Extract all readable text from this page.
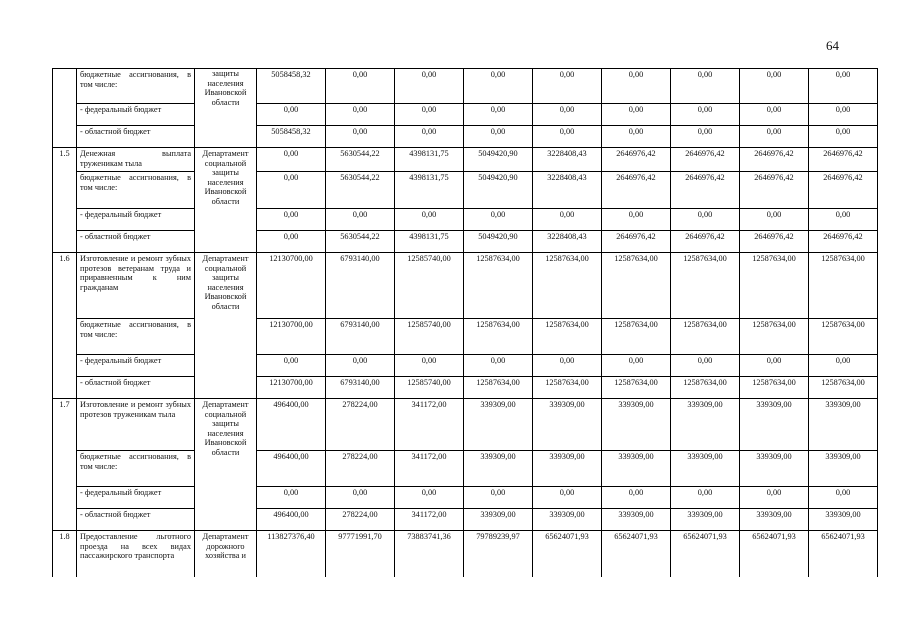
64
	бюджетные ассигнования, в том числе:	защиты населения Ивановской области	5058458,32	0,00	0,00	0,00	0,00	0,00	0,00	0,00	0,00
	- федеральный бюджет		0,00	0,00	0,00	0,00	0,00	0,00	0,00	0,00	0,00
	- областной бюджет		5058458,32	0,00	0,00	0,00	0,00	0,00	0,00	0,00	0,00
1.5	Денежная выплата труженикам тыла	Департамент социальной защиты населения Ивановской области	0,00	5630544,22	4398131,75	5049420,90	3228408,43	2646976,42	2646976,42	2646976,42	2646976,42
	бюджетные ассигнования, в том числе:		0,00	5630544,22	4398131,75	5049420,90	3228408,43	2646976,42	2646976,42	2646976,42	2646976,42
	- федеральный бюджет		0,00	0,00	0,00	0,00	0,00	0,00	0,00	0,00	0,00
	- областной бюджет		0,00	5630544,22	4398131,75	5049420,90	3228408,43	2646976,42	2646976,42	2646976,42	2646976,42
1.6	Изготовление и ремонт зубных протезов ветеранам труда и приравненным к ним гражданам	Департамент социальной защиты населения Ивановской области	12130700,00	6793140,00	12585740,00	12587634,00	12587634,00	12587634,00	12587634,00	12587634,00	12587634,00
	бюджетные ассигнования, в том числе:		12130700,00	6793140,00	12585740,00	12587634,00	12587634,00	12587634,00	12587634,00	12587634,00	12587634,00
	- федеральный бюджет		0,00	0,00	0,00	0,00	0,00	0,00	0,00	0,00	0,00
	- областной бюджет		12130700,00	6793140,00	12585740,00	12587634,00	12587634,00	12587634,00	12587634,00	12587634,00	12587634,00
1.7	Изготовление и ремонт зубных протезов труженикам тыла	Департамент социальной защиты населения Ивановской области	496400,00	278224,00	341172,00	339309,00	339309,00	339309,00	339309,00	339309,00	339309,00
	бюджетные ассигнования, в том числе:		496400,00	278224,00	341172,00	339309,00	339309,00	339309,00	339309,00	339309,00	339309,00
	- федеральный бюджет		0,00	0,00	0,00	0,00	0,00	0,00	0,00	0,00	0,00
	- областной бюджет		496400,00	278224,00	341172,00	339309,00	339309,00	339309,00	339309,00	339309,00	339309,00
1.8	Предоставление льготного проезда на всех видах пассажирского транспорта	Департамент дорожного хозяйства и	113827376,40	97771991,70	73883741,36	79789239,97	65624071,93	65624071,93	65624071,93	65624071,93	65624071,93
